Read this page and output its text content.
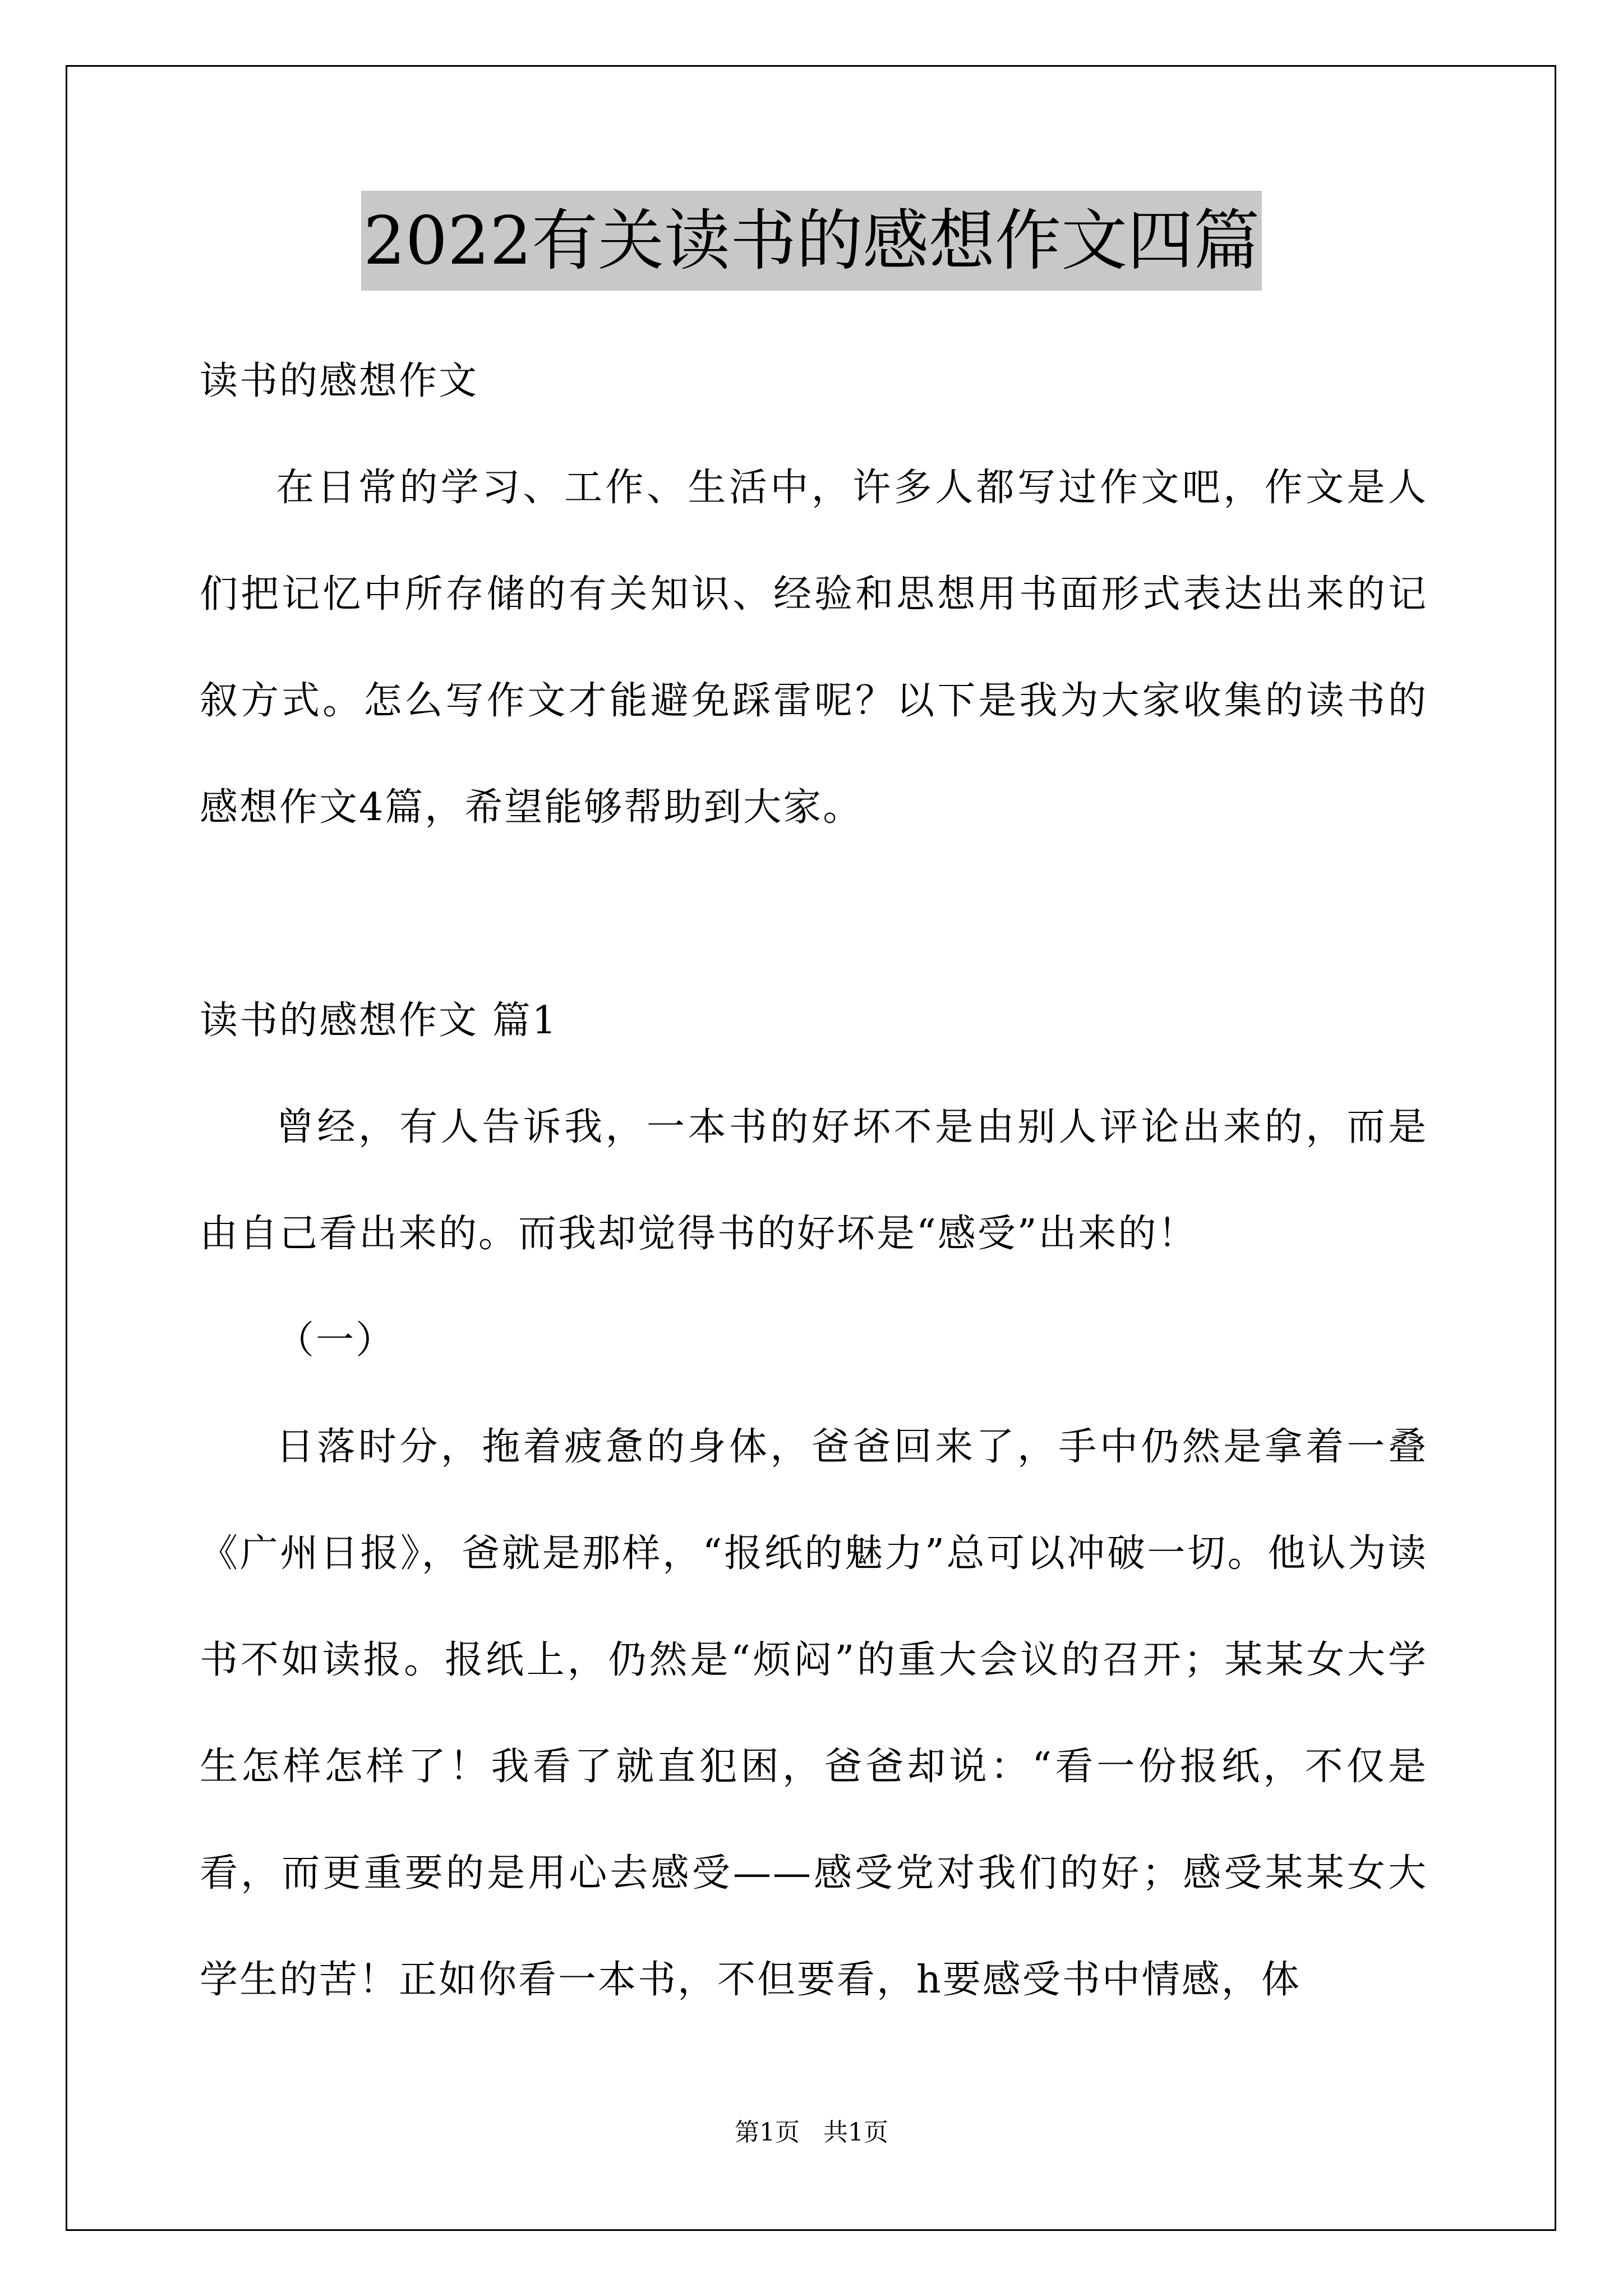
2022有关读书的感想作文四篇

读书的感想作文

在日常的学习、工作、生活中，许多人都写过作文吧，作文是人们把记忆中所存储的有关知识、经验和思想用书面形式表达出来的记叙方式。怎么写作文才能避免踩雷呢？以下是我为大家收集的读书的感想作文4篇，希望能够帮助到大家。

读书的感想作文 篇1

曾经，有人告诉我，一本书的好坏不是由别人评论出来的，而是由自己看出来的。而我却觉得书的好坏是“感受”出来的！

（一）

日落时分，拖着疲惫的身体，爸爸回来了，手中仍然是拿着一叠《广州日报》，爸就是那样，“报纸的魅力”总可以冲破一切。他认为读书不如读报。报纸上，仍然是“烦闷”的重大会议的召开；某某女大学生怎样怎样了！我看了就直犯困，爸爸却说：“看一份报纸，不仅是看，而更重要的是用心去感受——感受党对我们的好；感受某某女大学生的苦！正如你看一本书，不但要看，h要感受书中情感，体

第1页   共1页
